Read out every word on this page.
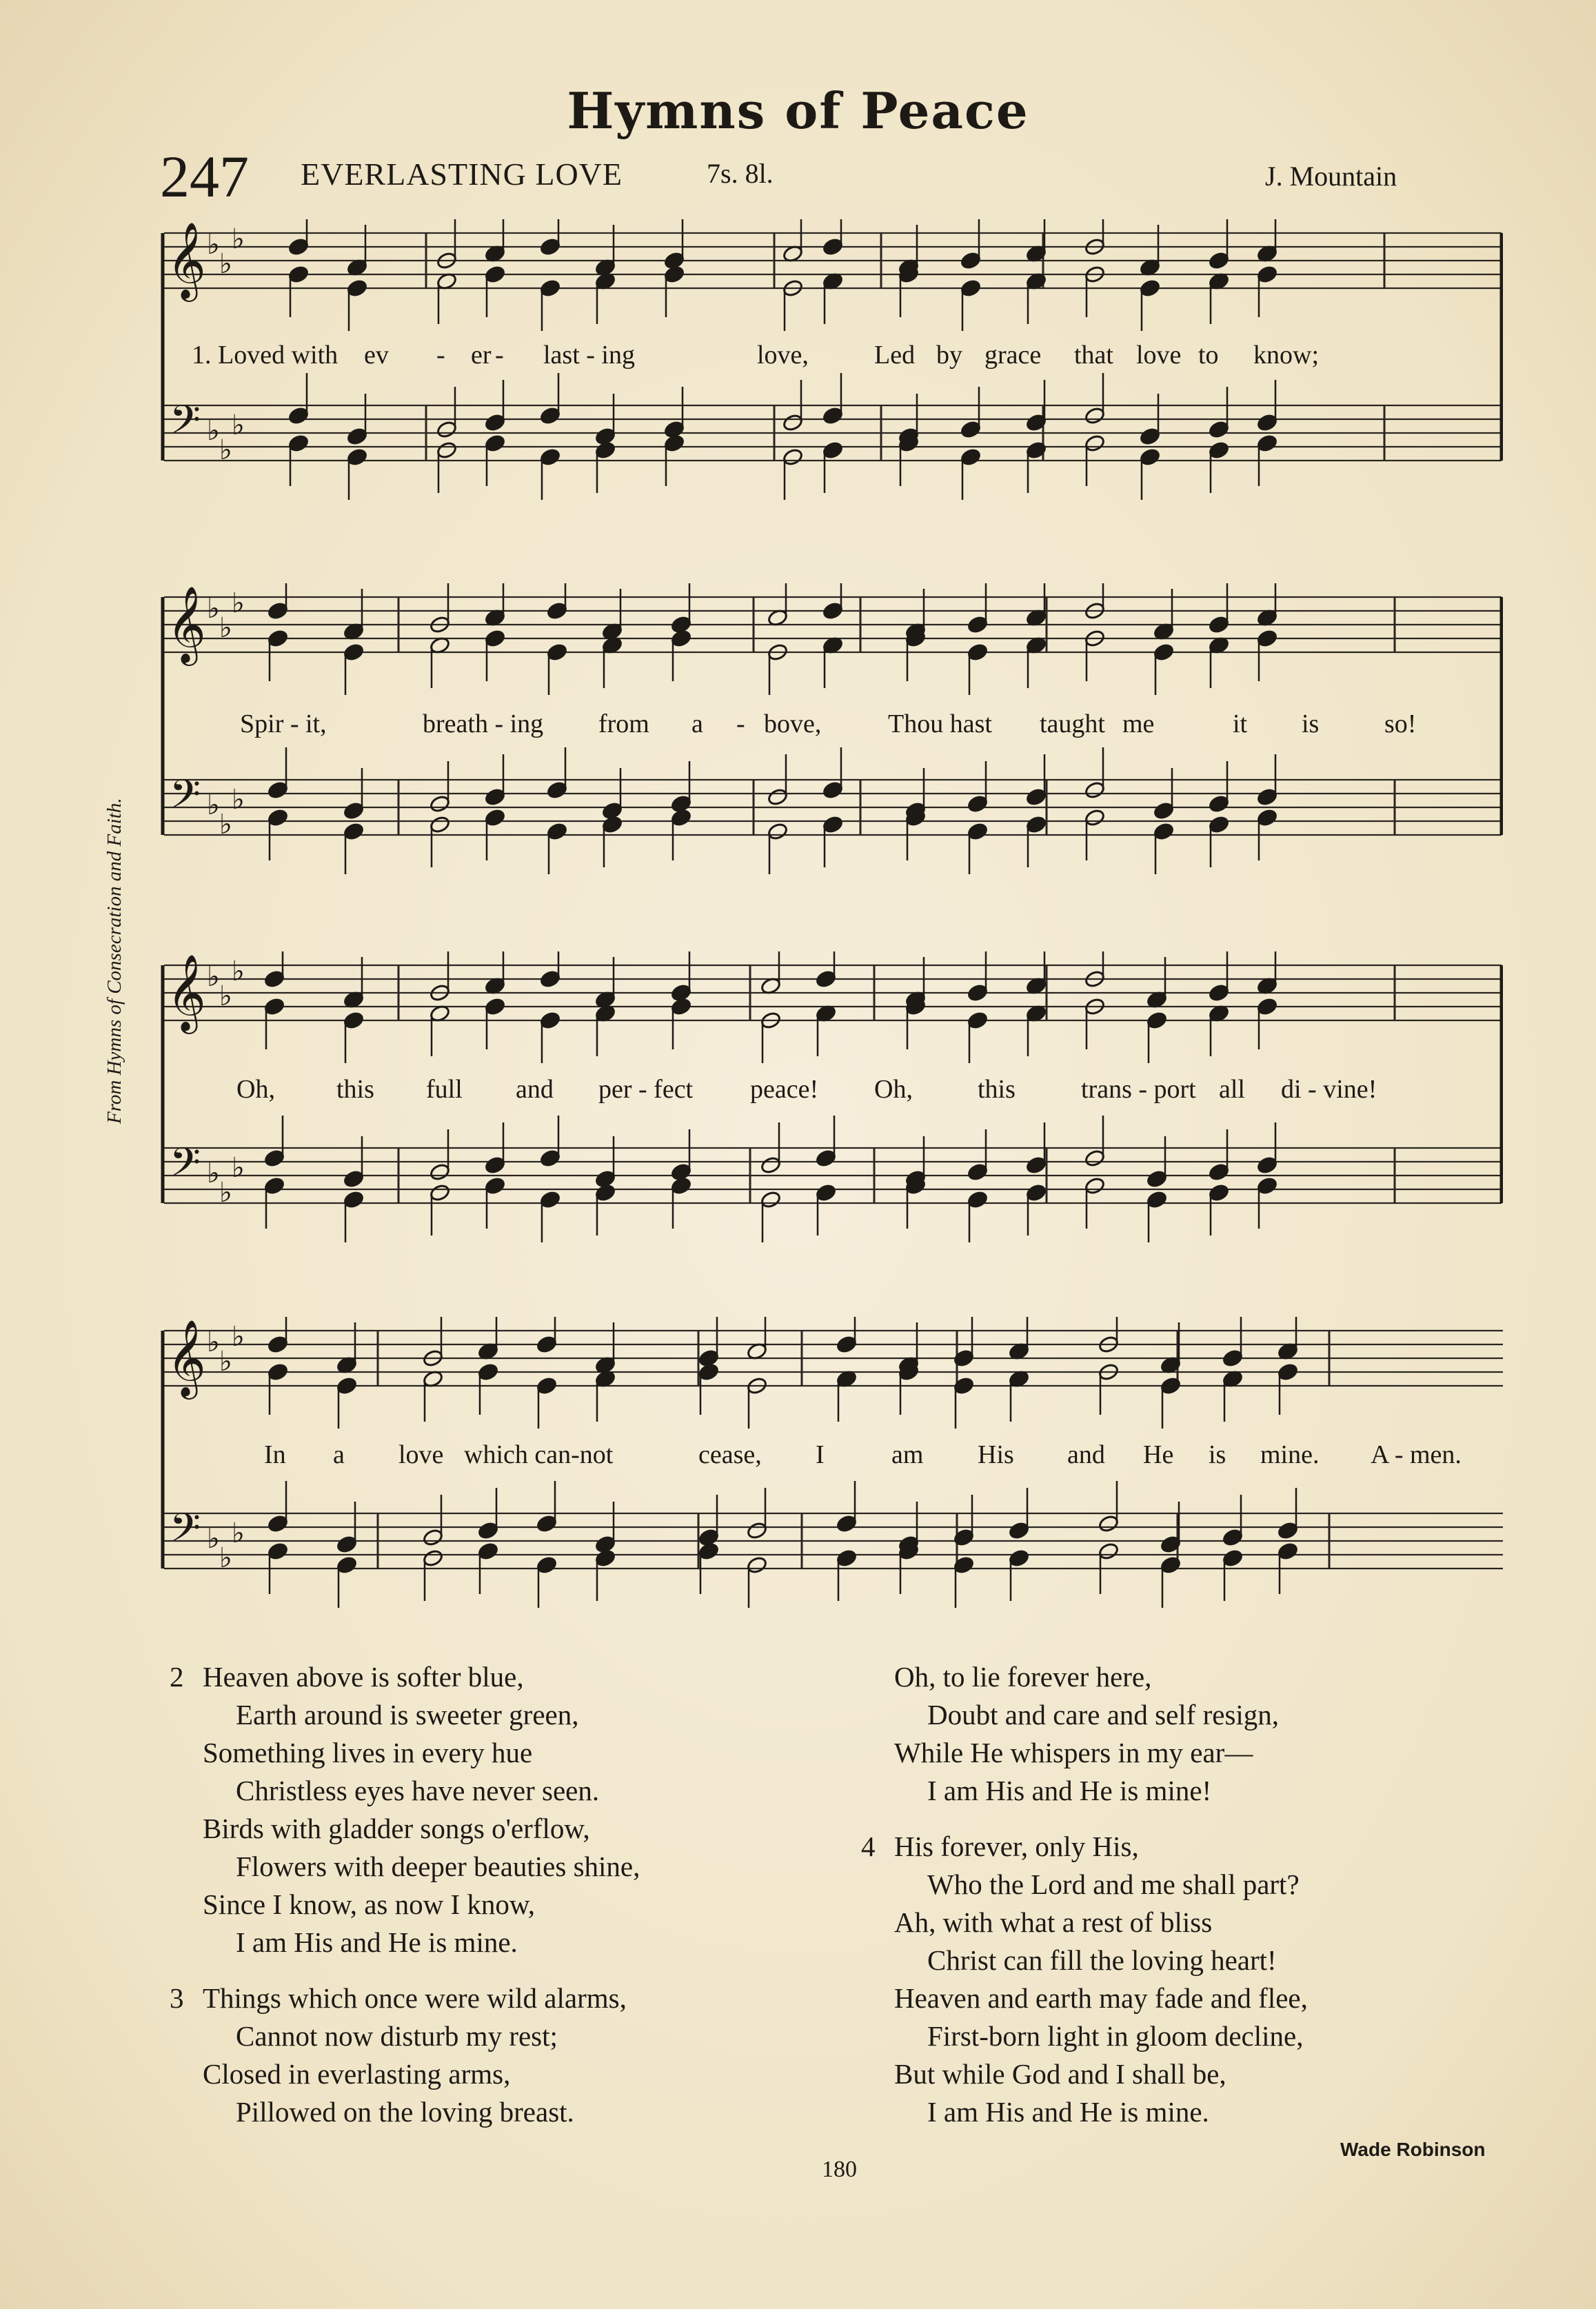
Hymns of Peace
247 EVERLASTING LOVE	7s. 8l.	J. Mountain
From Hymns of Consecration and Faith.
𝄞
𝄢
♭
♭
♭
♭
♭
♭
1. Loved with ev - er - last - ing	love,	Led by grace that love to know;
𝄞
𝄢
♭
♭
♭
♭
♭
♭
Spir - it,	breath - ing from a - bove,	Thou hast taught me	it is so!
𝄞
𝄢
♭
♭
♭
♭
♭
♭
Oh, this full and per - fect peace! Oh, this	trans - port all di - vine!
𝄞
𝄢
♭
♭
♭
♭
♭
♭
In a love which can-not	cease, I	am His and He is mine. A - men.
2 Heaven above is softer blue,
Earth around is sweeter green,
Something lives in every hue
Christless eyes have never seen.
Birds with gladder songs o'erflow,
Flowers with deeper beauties shine,
Since I know, as now I know,
I am His and He is mine.
3 Things which once were wild alarms,
Cannot now disturb my rest;
Closed in everlasting arms,
Pillowed on the loving breast.
Oh, to lie forever here,
Doubt and care and self resign,
While He whispers in my ear—
I am His and He is mine!
4 His forever, only His,
Who the Lord and me shall part?
Ah, with what a rest of bliss
Christ can fill the loving heart!
Heaven and earth may fade and flee,
First-born light in gloom decline,
But while God and I shall be,
I am His and He is mine.
Wade Robinson
180
